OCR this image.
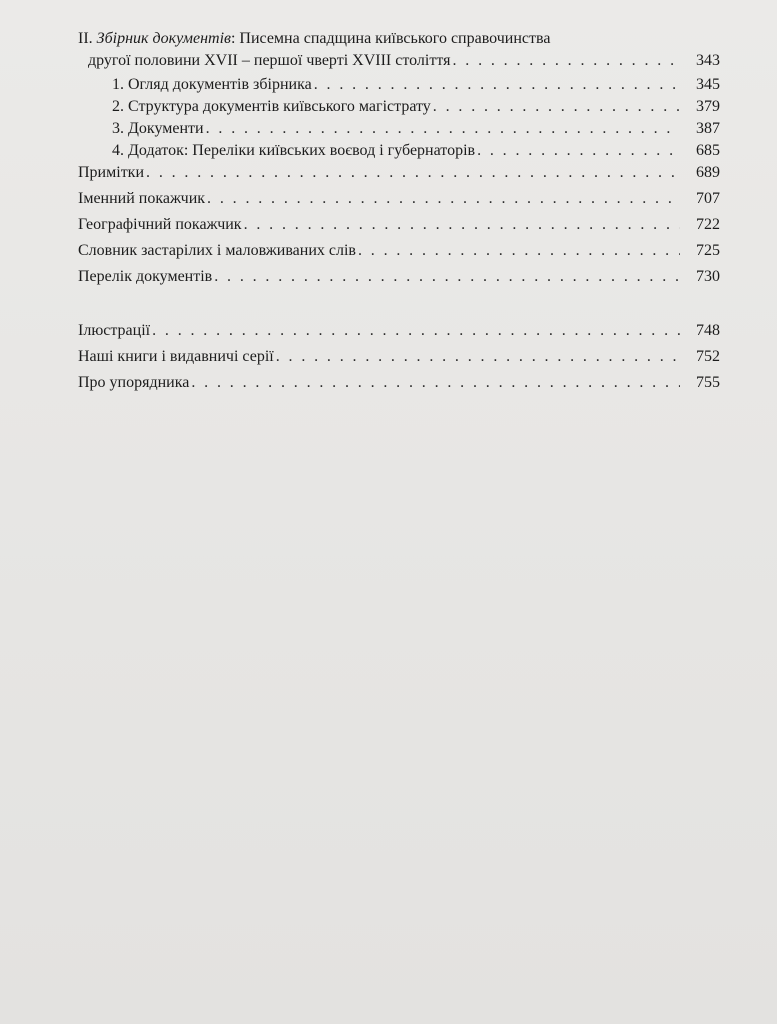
II. Збірник документів: Писемна спадщина київського справочинства
другої половини XVII – першої чверті XVIII століття . . .	343
1. Огляд документів збірника . . .	345
2. Структура документів київського магістрату . . .	379
3. Документи . . .	387
4. Додаток: Переліки київських воєвод і губернаторів . . .	685
Примітки . . .	689
Іменний покажчик . . .	707
Географічний покажчик . . .	722
Словник застарілих і маловживаних слів . . .	725
Перелік документів . . .	730
Ілюстрації . . .	748
Наші книги і видавничі серії . . .	752
Про упорядника . . .	755
